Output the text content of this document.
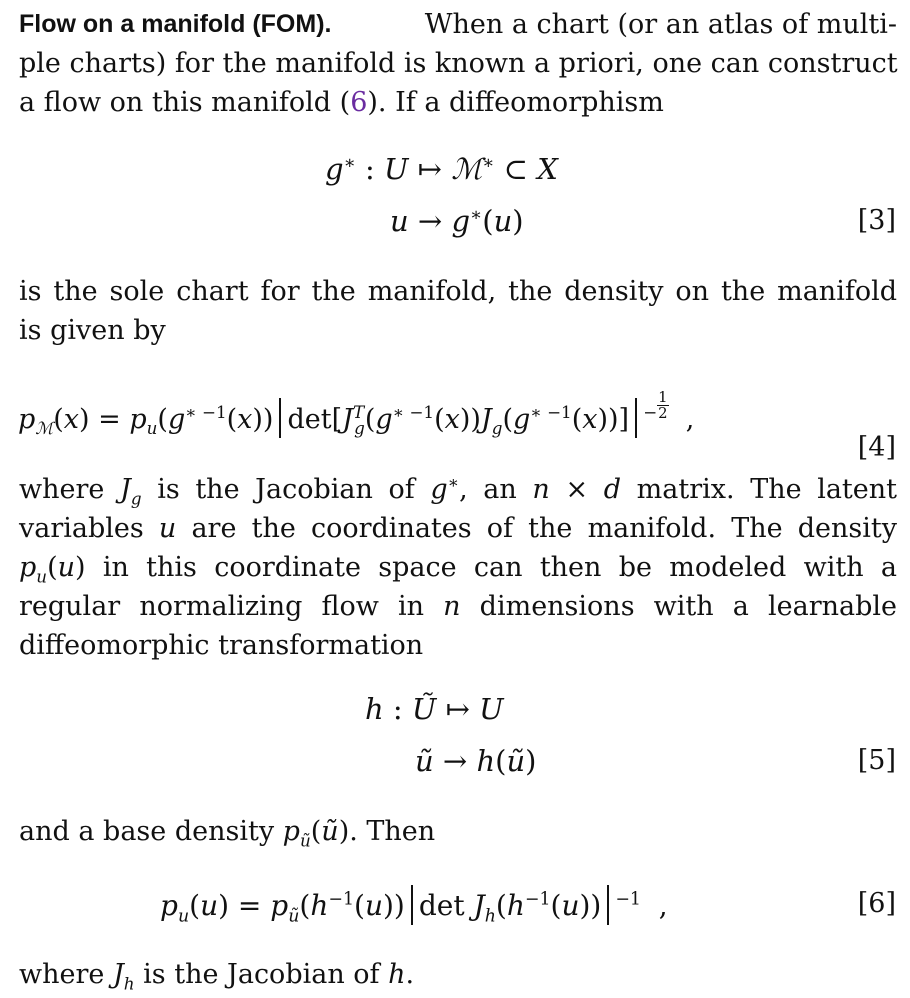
Flow on a manifold (FOM).	When a chart (or an atlas of multi-
ple charts) for the manifold is known a priori, one can construct
a flow on this manifold (6). If a diffeomorphism
g∗ : U ↦ ℳ∗ ⊂ X
u → g∗(u)	[3]
is the sole chart for the manifold, the density on the manifold
is given by
$p_ℳ(x) = p_u(g^{∗ -1}(x))$ $\det[J^T_g(g^{∗ -1}(x))J_g(g^{∗ -1}(x))]$ $^- \frac{1}{2}$ ,
[4]
where $J_g$ is the Jacobian of g∗, an n × d matrix. The latent
variables u are the coordinates of the manifold. The density
$p_u(u)$ in this coordinate space can then be modeled with a
regular normalizing flow in n dimensions with a learnable
diffeomorphic transformation
h : Ũ ↦ U
ũ → h(ũ)	[5]
and a base density $p_ũ(ũ)$. Then
$p_u(u) = p_ũ(h^{-1}(u))$ $\det J_h(h^{-1}(u))$ $^{-1}$  ,	[6]
where $J_h$ is the Jacobian of h.
